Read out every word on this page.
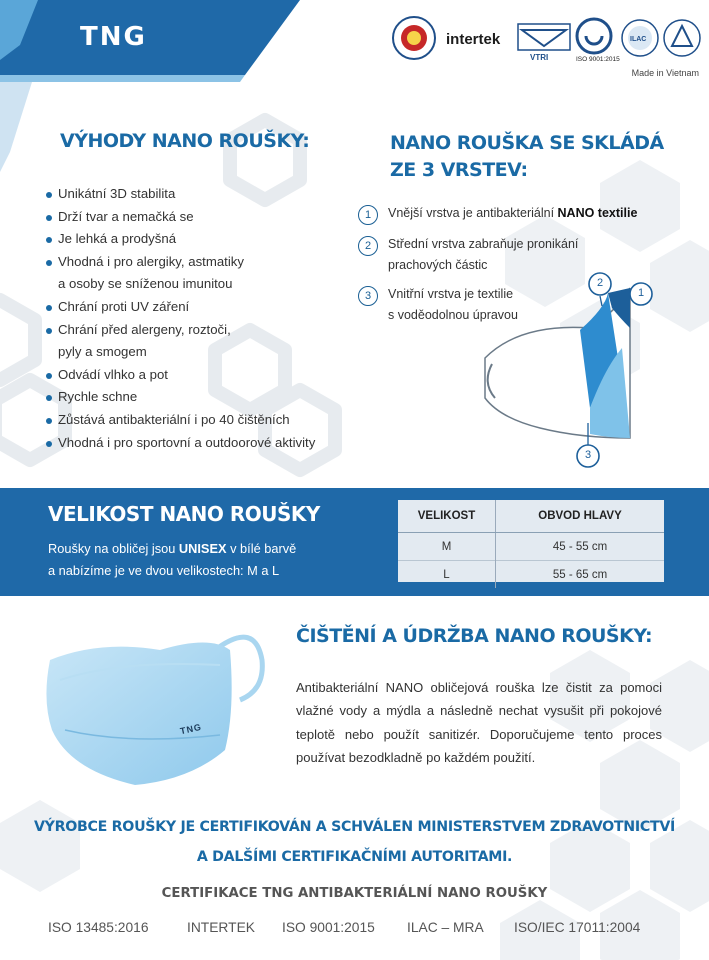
TNG	intertek
VTRI	ISO 9001:2015
ILAC
Made in Vietnam
VÝHODY NANO ROUŠKY:
Unikátní 3D stabilita
Drží tvar a nemačká se
Je lehká a prodyšná
Vhodná i pro alergiky, astmatiky
a osoby se sníženou imunitou
Chrání proti UV záření
Chrání před alergeny, roztoči,
pyly a smogem
Odvádí vlhko a pot
Rychle schne
Zůstává antibakteriální i po 40 čištěních
Vhodná i pro sportovní a outdoorové aktivity
NANO ROUŠKA SE SKLÁDÁ
ZE 3 VRSTEV:
1	Vnější vrstva je antibakteriální NANO textilie
2	Střední vrstva zabraňuje pronikání
prachových částic
3	Vnitřní vrstva je textilie
s voděodolnou úpravou
2
1
3
VELIKOST NANO ROUŠKY
Roušky na obličej jsou UNISEX v bílé barvě
a nabízíme je ve dvou velikostech: M a L
VELIKOST	OBVOD HLAVY
M	45 - 55 cm
L	55 - 65 cm
TNG
ČIŠTĚNÍ A ÚDRŽBA NANO ROUŠKY:
Antibakteriální NANO obličejová rouška lze čistit za pomoci vlažné vody a mýdla a následně nechat vysušit při pokojové teplotě nebo použít sanitizér. Doporučujeme tento proces používat bezodkladně po každém použití.
VÝROBCE ROUŠKY JE CERTIFIKOVÁN A SCHVÁLEN MINISTERSTVEM ZDRAVOTNICTVÍ
A DALŠÍMI CERTIFIKAČNÍMI AUTORITAMI.
CERTIFIKACE TNG ANTIBAKTERIÁLNÍ NANO ROUŠKY
ISO 13485:2016	INTERTEK ISO 9001:2015 ILAC – MRA ISO/IEC 17011:2004
